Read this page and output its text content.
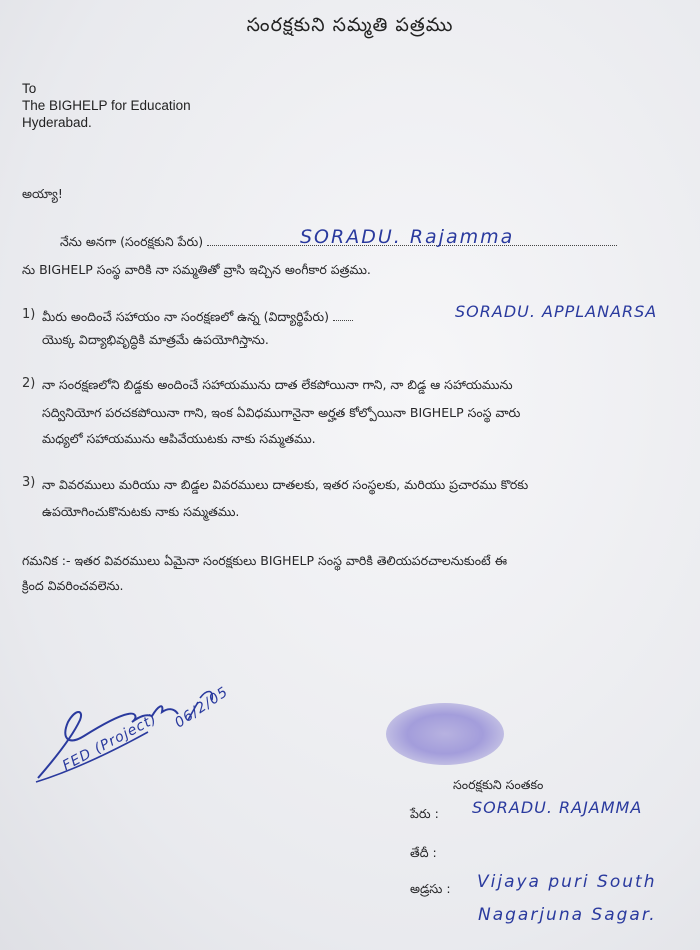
సంరక్షకుని సమ్మతి పత్రము
To
The BIGHELP for Education
Hyderabad.
అయ్యా!
నేను అనగా (సంరక్షకుని పేరు)	SORADU. Rajamma
ను BIGHELP సంస్థ వారికి నా సమ్మతితో వ్రాసి ఇచ్చిన అంగీకార పత్రము.
1) మీరు అందించే సహాయం నా సంరక్షణలో ఉన్న (విద్యార్థిపేరు)	SORADU. APPLANARSA
యొక్క విద్యాభివృద్ధికి మాత్రమే ఉపయోగిస్తాను.
2) నా సంరక్షణలోని బిడ్డకు అందించే సహాయమును దాత లేకపోయినా గాని, నా బిడ్డ ఆ సహాయమును
సద్వినియోగ పరచకపోయినా గాని, ఇంక ఏవిధముగానైనా అర్హత కోల్పోయినా BIGHELP సంస్థ వారు
మధ్యలో సహాయమును ఆపివేయుటకు నాకు సమ్మతము.
3) నా వివరములు మరియు నా బిడ్డల వివరములు దాతలకు, ఇతర సంస్థలకు, మరియు ప్రచారము కొరకు
ఉపయోగించుకొనుటకు నాకు సమ్మతము.
గమనిక :- ఇతర వివరములు ఏమైనా సంరక్షకులు BIGHELP సంస్థ వారికి తెలియపరచాలనుకుంటే ఈ
క్రింద వివరించవలెను.
FED (Project)
06/2/05
సంరక్షకుని సంతకం
పేరు : SORADU. RAJAMMA
తేదీ :
అడ్రసు : Vijaya puri South
Nagarjuna Sagar.
